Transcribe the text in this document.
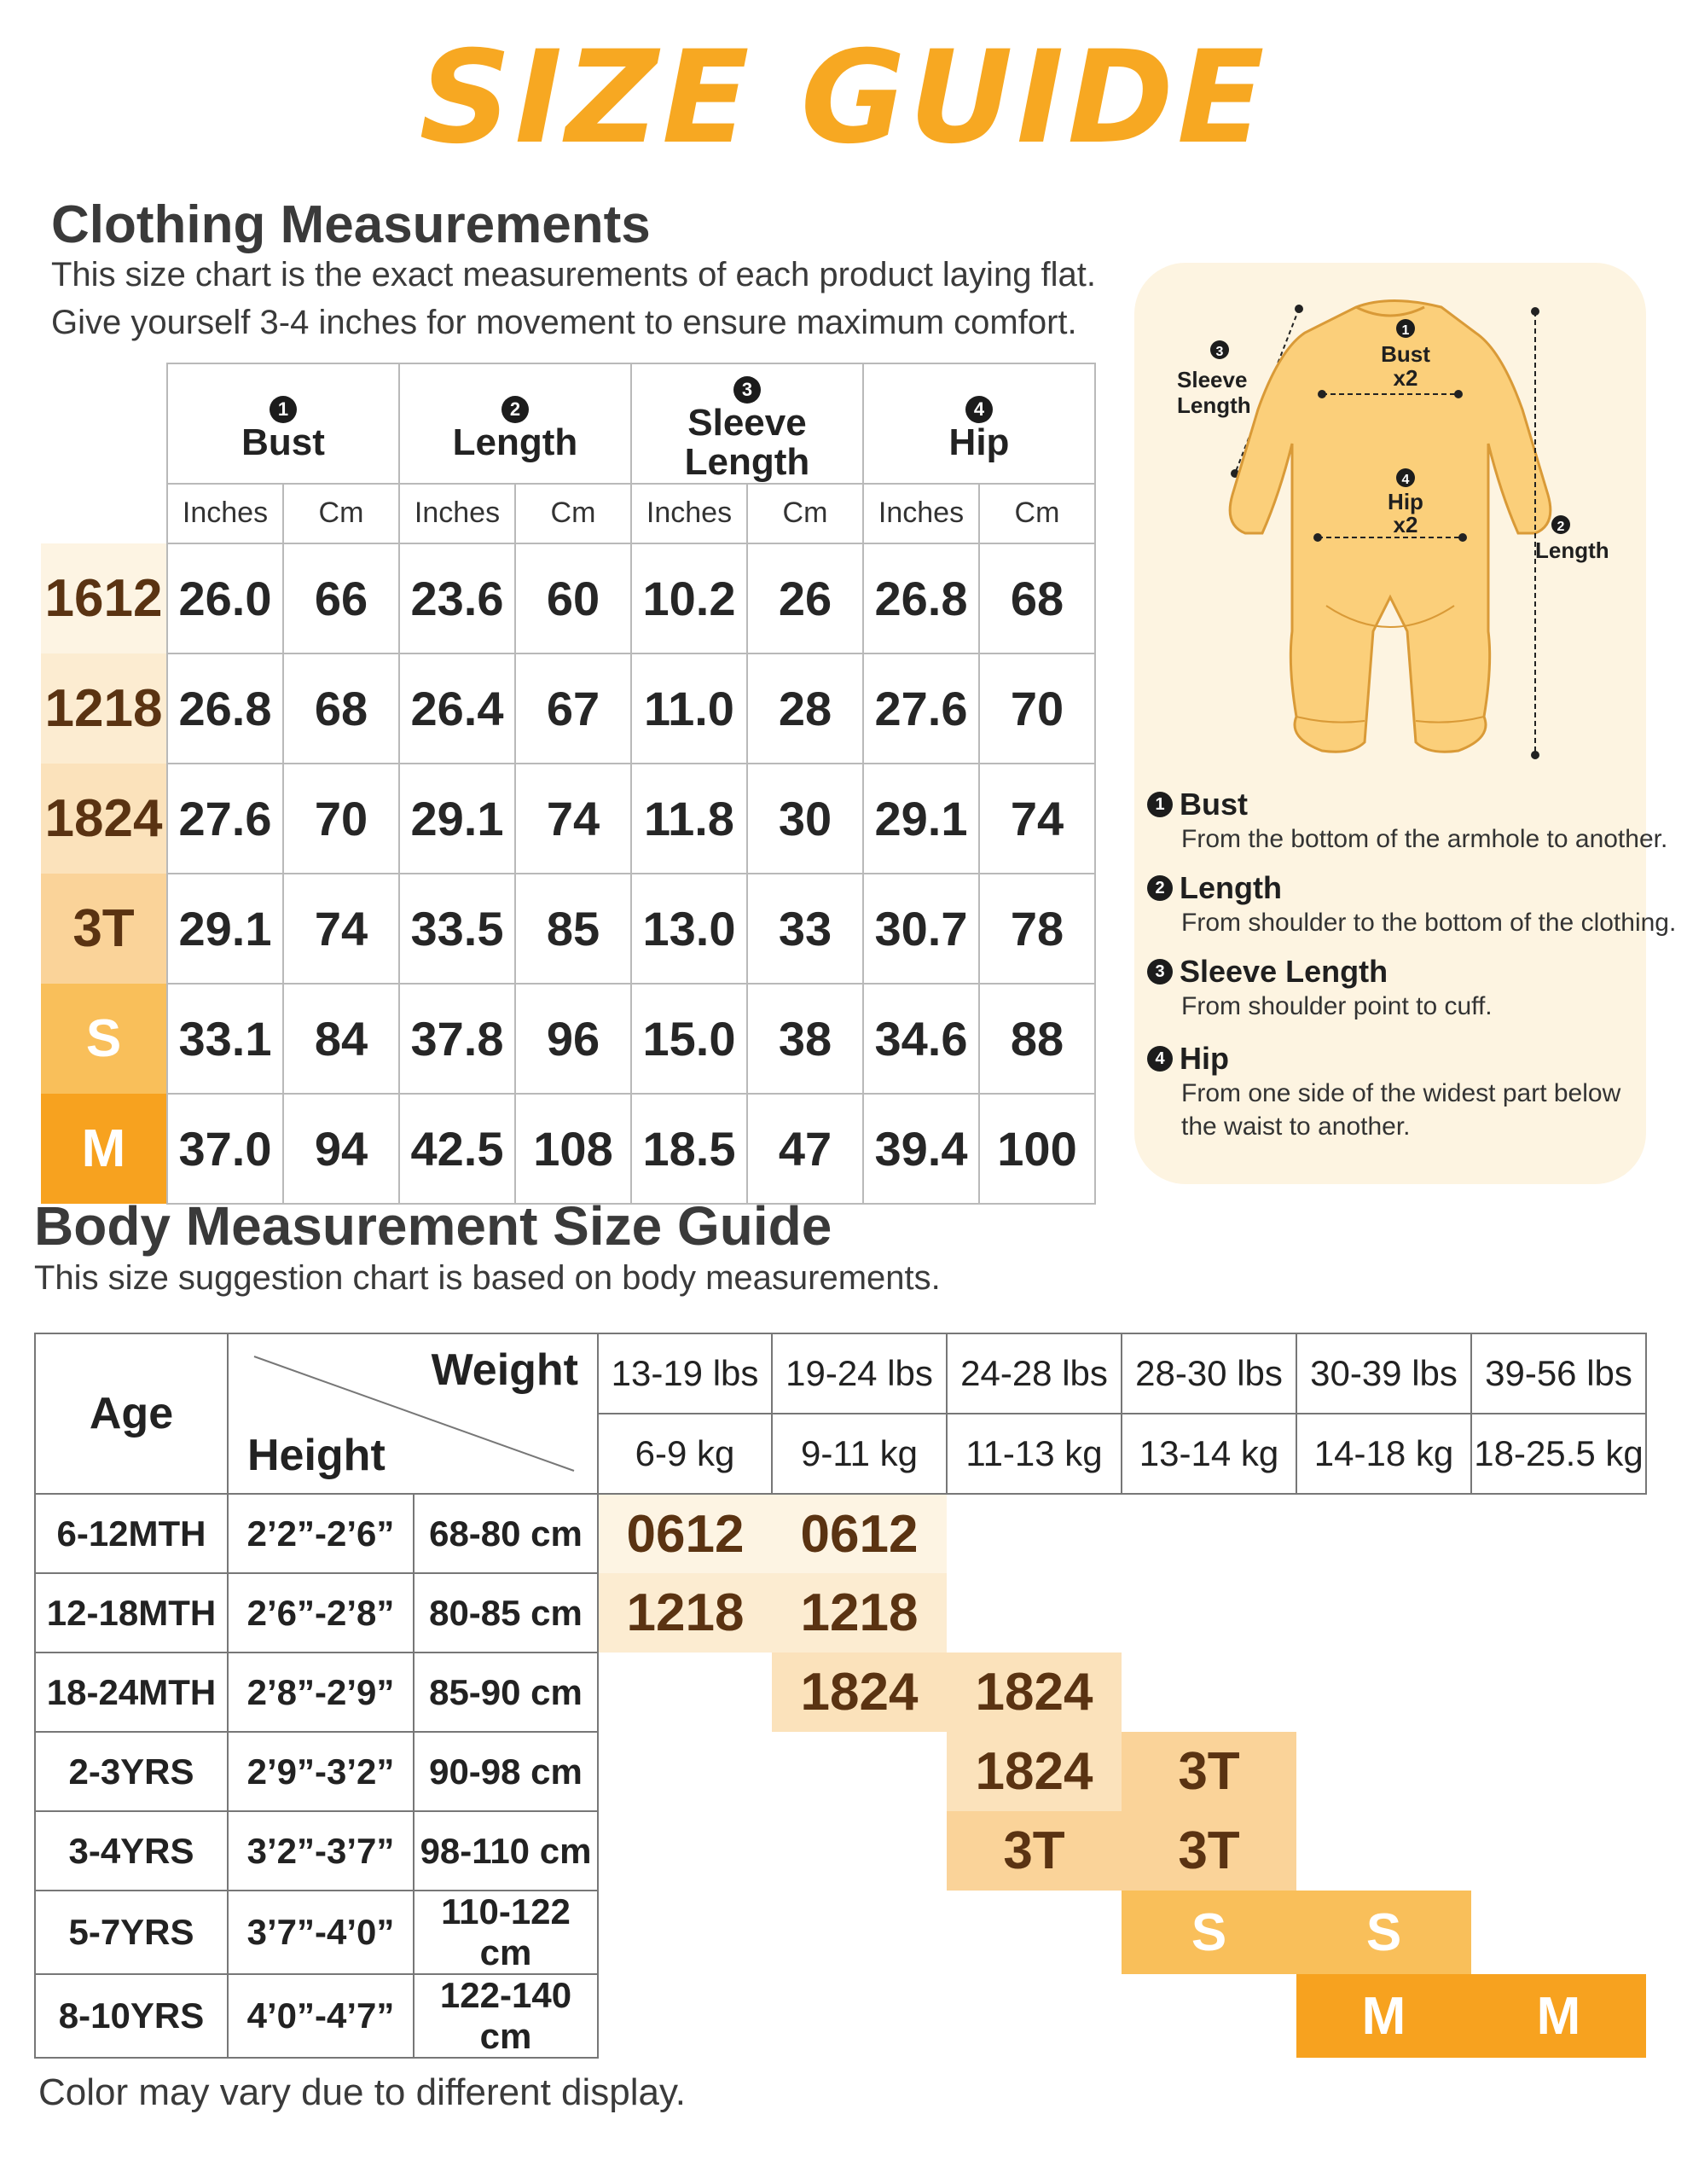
SIZE GUIDE
Clothing Measurements
This size chart is the exact measurements of each product laying flat.
Give yourself 3-4 inches for movement to ensure maximum comfort.
	1
Bust		2
Length		3
Sleeve Length		4
Hip	
	Inches	Cm	Inches	Cm	Inches	Cm	Inches	Cm
1612	26.0	66	23.6	60	10.2	26	26.8	68
1218	26.8	68	26.4	67	11.0	28	27.6	70
1824	27.6	70	29.1	74	11.8	30	29.1	74
3T	29.1	74	33.5	85	13.0	33	30.7	78
S	33.1	84	37.8	96	15.0	38	34.6	88
M	37.0	94	42.5	108	18.5	47	39.4	100
1
2
3
4
Bust
x2
Hip
x2
Sleeve
Length
Length
1 Bust
From the bottom of the armhole to another.
2 Length
From shoulder to the bottom of the clothing.
3 Sleeve Length
From shoulder point to cuff.
4 Hip
From one side of the widest part below the waist to another.
Body Measurement Size Guide
This size suggestion chart is based on body measurements.
Age	Weight
Height		13-19 lbs	19-24 lbs	24-28 lbs	28-30 lbs	30-39 lbs	39-56 lbs
			6-9 kg	9-11 kg	11-13 kg	13-14 kg	14-18 kg	18-25.5 kg
6-12MTH	2’2”-2’6”	68-80 cm	0612	0612				
12-18MTH	2’6”-2’8”	80-85 cm	1218	1218				
18-24MTH	2’8”-2’9”	85-90 cm		1824	1824			
2-3YRS	2’9”-3’2”	90-98 cm			1824	3T		
3-4YRS	3’2”-3’7”	98-110 cm			3T	3T		
5-7YRS	3’7”-4’0”	110-122 cm				S	S	
8-10YRS	4’0”-4’7”	122-140 cm					M	M
Color may vary due to different display.
